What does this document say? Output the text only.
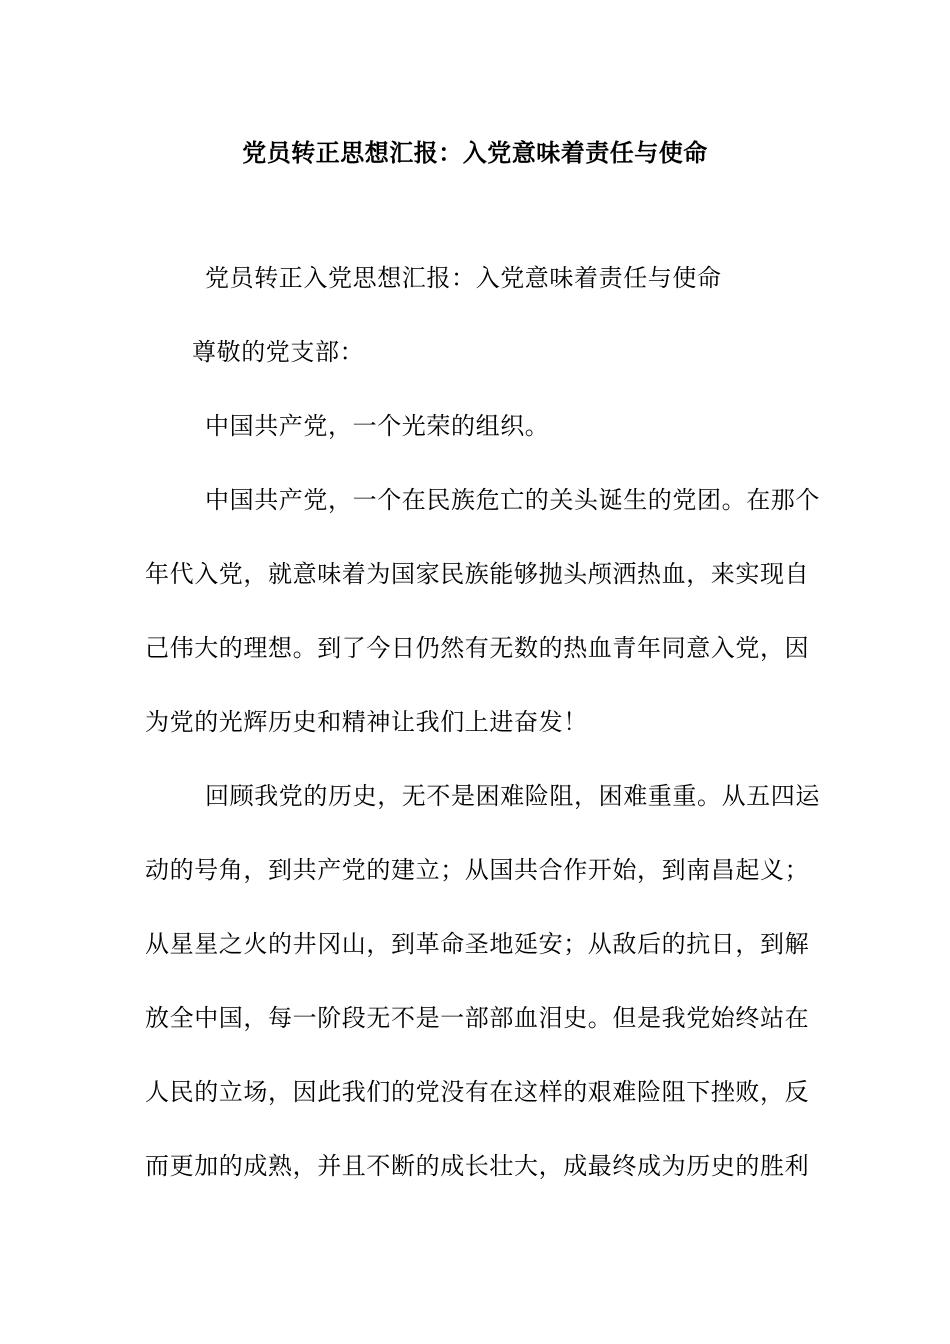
党员转正思想汇报：入党意味着责任与使命
党员转正入党思想汇报：入党意味着责任与使命
尊敬的党支部：
中国共产党，一个光荣的组织。
中国共产党，一个在民族危亡的关头诞生的党团。在那个
年代入党，就意味着为国家民族能够抛头颅洒热血，来实现自
己伟大的理想。到了今日仍然有无数的热血青年同意入党，因
为党的光辉历史和精神让我们上进奋发！
回顾我党的历史，无不是困难险阻，困难重重。从五四运
动的号角，到共产党的建立；从国共合作开始，到南昌起义；
从星星之火的井冈山，到革命圣地延安；从敌后的抗日，到解
放全中国，每一阶段无不是一部部血泪史。但是我党始终站在
人民的立场，因此我们的党没有在这样的艰难险阻下挫败，反
而更加的成熟，并且不断的成长壮大，成最终成为历史的胜利
